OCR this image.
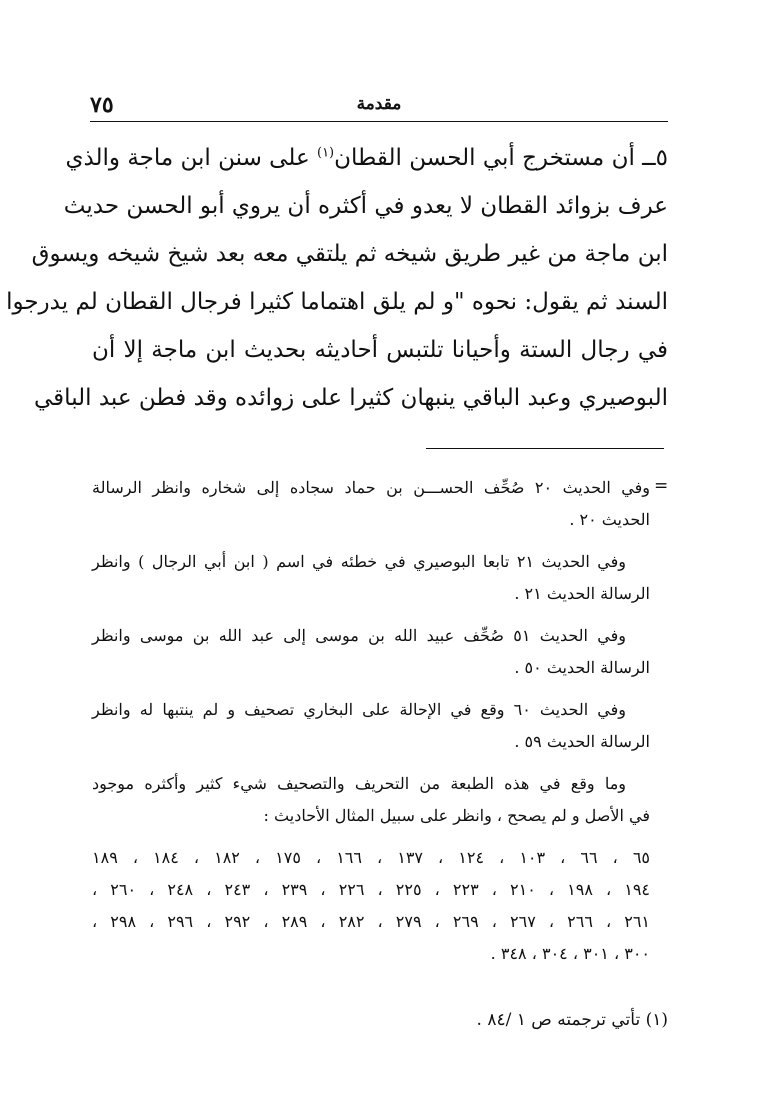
٧٥	مقدمة
٥ــ أن مستخرج أبي الحسن القطان$^{(١)}$ على سنن ابن ماجة والذي
عرف بزوائد القطان لا يعدو في أكثره أن يروي أبو الحسن حديث
ابن ماجة من غير طريق شيخه ثم يلتقي معه بعد شيخ شيخه ويسوق
السند ثم يقول: نحوه "و لم يلق اهتماما كثيرا فرجال القطان لم يدرجوا
في رجال الستة وأحيانا تلتبس أحاديثه بحديث ابن ماجة إلا أن
البوصيري وعبد الباقي ينبهان كثيرا على زوائده وقد فطن عبد الباقي
=
وفي الحديث ٢٠ صُحِّف الحســـن بن حماد سجاده إلى شخاره وانظر الرسالة
الحديث ٢٠ .
وفي الحديث ٢١ تابعا البوصيري في خطئه في اسم ( ابن أبي الرجال ) وانظر
الرسالة الحديث ٢١ .
وفي الحديث ٥١ صُحِّف عبيد الله بن موسى إلى عبد الله بن موسى وانظر
الرسالة الحديث ٥٠ .
وفي الحديث ٦٠ وقع في الإحالة على البخاري تصحيف و لم ينتبها له وانظر
الرسالة الحديث ٥٩ .
وما وقع في هذه الطبعة من التحريف والتصحيف شيء كثير وأكثره موجود
في الأصل و لم يصحح ، وانظر على سبيل المثال الأحاديث :
٦٥ ، ٦٦ ، ١٠٣ ، ١٢٤ ، ١٣٧ ، ١٦٦ ، ١٧٥ ، ١٨٢ ، ١٨٤ ، ١٨٩
١٩٤ ، ١٩٨ ، ٢١٠ ، ٢٢٣ ، ٢٢٥ ، ٢٢٦ ، ٢٣٩ ، ٢٤٣ ، ٢٤٨ ، ٢٦٠ ،
٢٦١ ، ٢٦٦ ، ٢٦٧ ، ٢٦٩ ، ٢٧٩ ، ٢٨٢ ، ٢٨٩ ، ٢٩٢ ، ٢٩٦ ، ٢٩٨ ،
٣٠٠ ، ٣٠١ ، ٣٠٤ ، ٣٤٨ .
(١) تأتي ترجمته ص ١ /٨٤ .
